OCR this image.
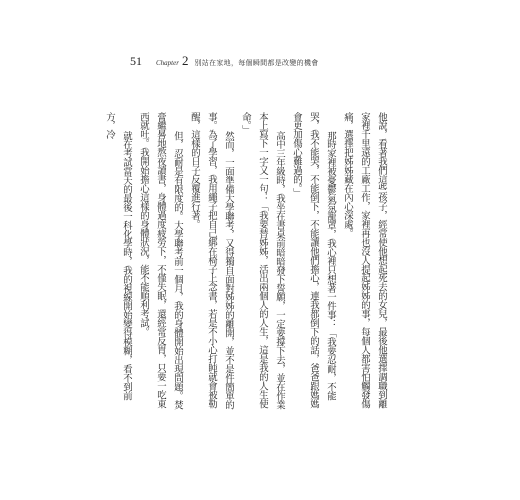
51 Chapter 2 別站在家地，每個瞬間都是改變的機會

他說，看著我們這些孩子，經常使他想起死去的女兒，最後他選擇調職到離家裡千里遠的工廠工作，家裡再也沒人提起姊姊的事，每個人都害怕觸發傷痛，選擇把姊姊藏在內心深處。

那時家裡被憂鬱氣氛籠罩，我心裡只想著一件事：「我要忍耐，不能哭，我不能哭，不能倒下，不能讓他們擔心，連我都倒下的話，爸爸跟媽媽會更加傷心難過的。」

高中三年級時，我坐在書桌前暗暗發下誓願，一定要撐下去，並在作業本上寫下一字又一句：「我要替姊姊，活出兩個人的人生，這是我的人生使命。」

然而，一面準備大學聯考，又得獨自面對姊姊的離開，並不是件簡單的事。為了學習，我用繩子把自己綁在椅子上念書，若是不小心打盹就會被勒醒，這樣的日子反覆進行著。

但，忍耐是有限度的。大學聯考前一個月，我的身體開始出現問題。焚膏繼晷地熬夜讀書，身體過度疲勞下，不僅失眠，還經常反胃，只要一吃東西就吐。我開始擔心這樣的身體狀況，能不能順利考試。

就在考試當天的最後一科化學時，我的視線開始變得模糊，看不到前方，冷
